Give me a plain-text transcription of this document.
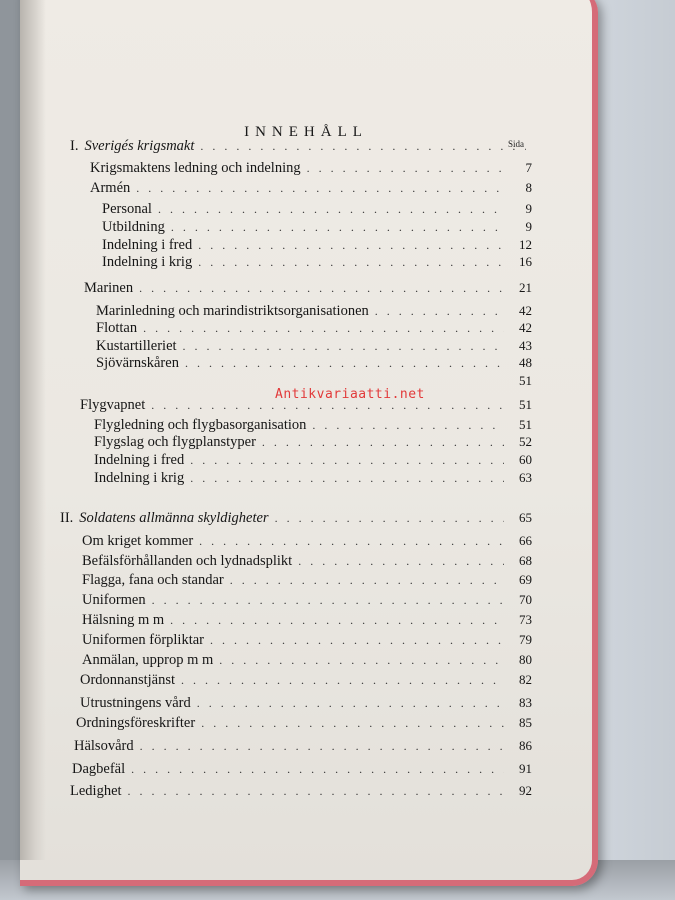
INNEHÅLL
Sida
I. Sverigés krigsmakt
. . .
Krigsmaktens ledning och indelning . . .	7
Armén . . .	8
Personal . . .	9
Utbildning . . .	9
Indelning i fred . . .	12
Indelning i krig . . .	16
Marinen . . .	21
Marinledning och marindistriktsorganisationen . . .	42
Flottan . . .	42
Kustartilleriet . . .	43
Sjövärnskåren . . .	48
51
Flygvapnet . . .	51
Flygledning och flygbasorganisation . . .	51
Flygslag och flygplanstyper . . .	52
Indelning i fred . . .	60
Indelning i krig . . .	63
II. Soldatens allmänna skyldigheter . . .	65
Om kriget kommer . . .	66
Befälsförhållanden och lydnadsplikt . . .	68
Flagga, fana och standar . . .	69
Uniformen . . .	70
Hälsning m m . . .	73
Uniformen förpliktar . . .	79
Anmälan, upprop m m . . .	80
Ordonnanstjänst . . .	82
Utrustningens vård . . .	83
Ordningsföreskrifter . . .	85
Hälsovård . . .	86
Dagbefäl . . .	91
Ledighet . . .	92
Antikvariaatti.net
